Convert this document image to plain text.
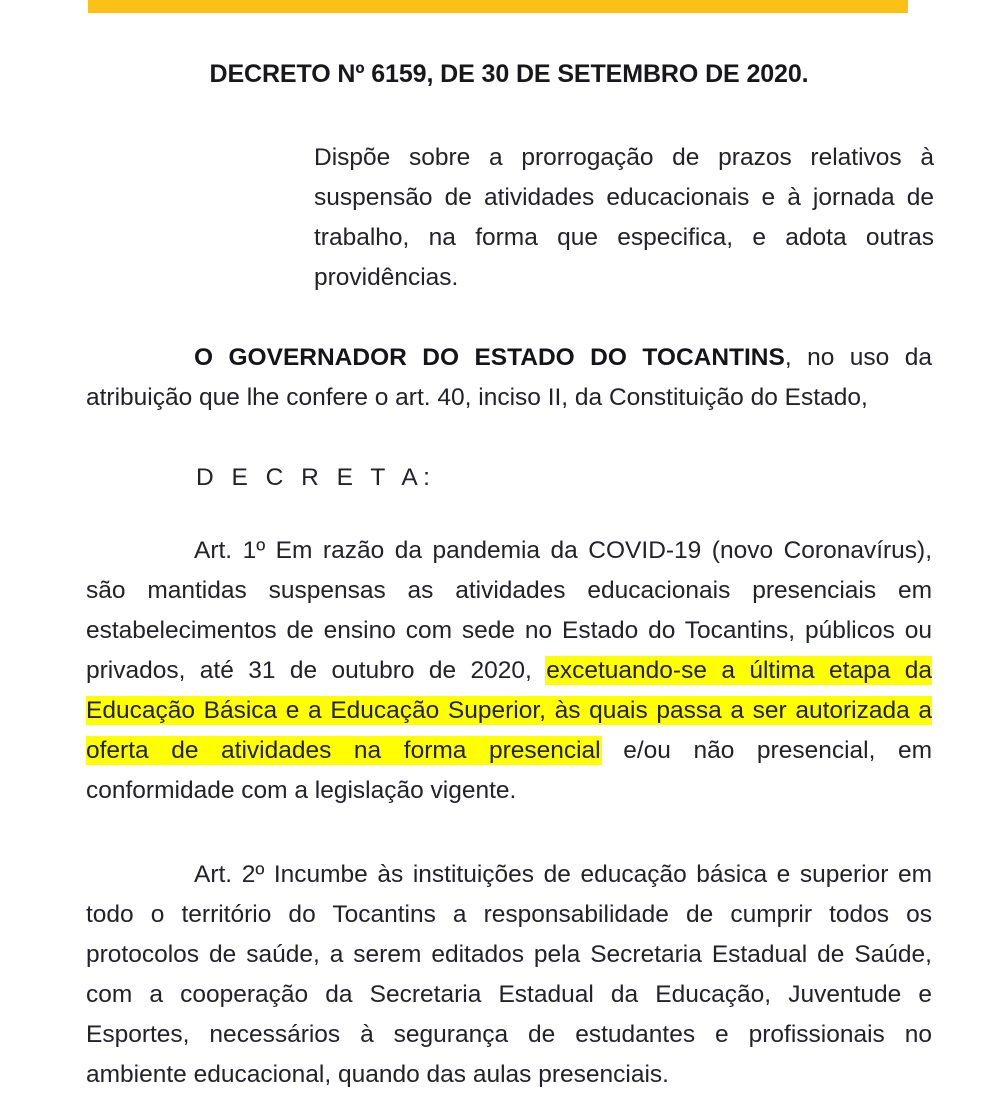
DECRETO Nº 6159, DE 30 DE SETEMBRO DE 2020.
Dispõe sobre a prorrogação de prazos relativos à suspensão de atividades educacionais e à jornada de trabalho, na forma que especifica, e adota outras providências.
O GOVERNADOR DO ESTADO DO TOCANTINS, no uso da atribuição que lhe confere o art. 40, inciso II, da Constituição do Estado,
D E C R E T A:
Art. 1º Em razão da pandemia da COVID-19 (novo Coronavírus), são mantidas suspensas as atividades educacionais presenciais em estabelecimentos de ensino com sede no Estado do Tocantins, públicos ou privados, até 31 de outubro de 2020, excetuando-se a última etapa da Educação Básica e a Educação Superior, às quais passa a ser autorizada a oferta de atividades na forma presencial e/ou não presencial, em conformidade com a legislação vigente.
Art. 2º Incumbe às instituições de educação básica e superior em todo o território do Tocantins a responsabilidade de cumprir todos os protocolos de saúde, a serem editados pela Secretaria Estadual de Saúde, com a cooperação da Secretaria Estadual da Educação, Juventude e Esportes, necessários à segurança de estudantes e profissionais no ambiente educacional, quando das aulas presenciais.
